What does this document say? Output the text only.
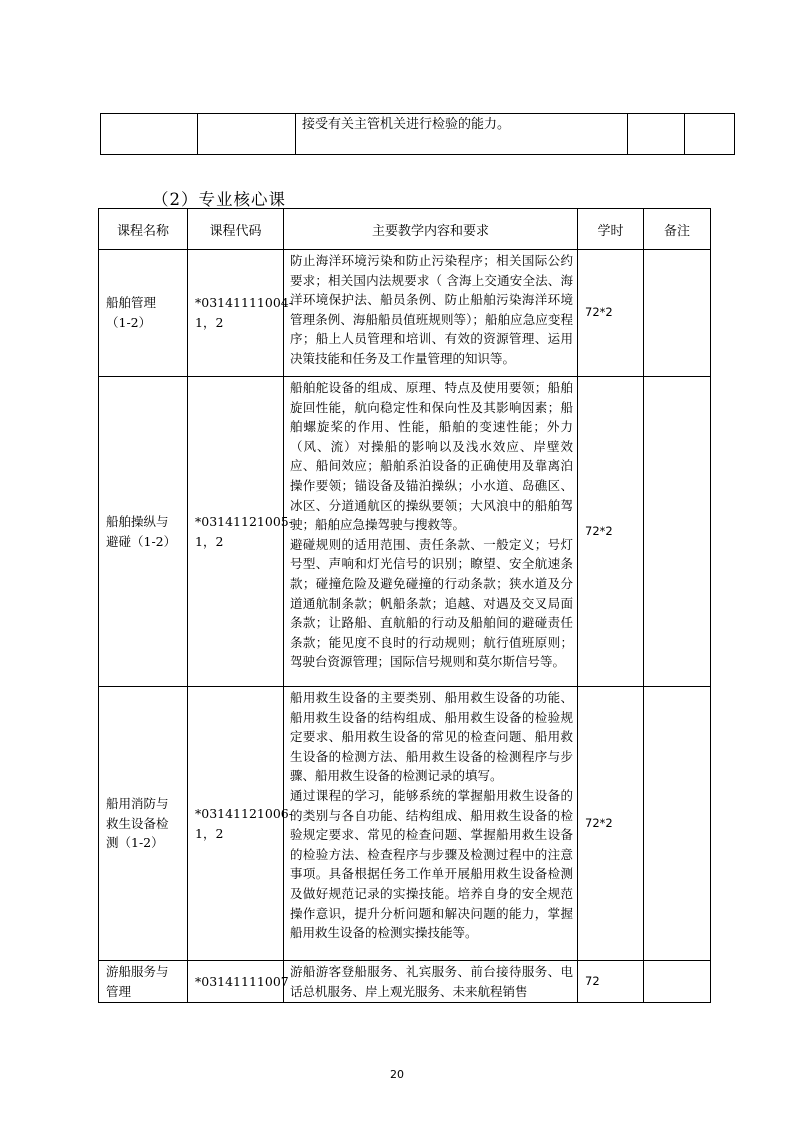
		接受有关主管机关进行检验的能力。		
（2）专业核心课
课程名称	课程代码	主要教学内容和要求	学时	备注
船舶管理（1-2）	*03141111004-1，2	防止海洋环境污染和防止污染程序；相关国际公约要求；相关国内法规要求（ 含海上交通安全法、海洋环境保护法、船员条例、防止船舶污染海洋环境管理条例、海船船员值班规则等）；船舶应急应变程序；船上人员管理和培训、有效的资源管理、运用决策技能和任务及工作量管理的知识等。	72*2	
船舶操纵与避碰（1-2）	*03141121005-1，2	船舶舵设备的组成、原理、特点及使用要领；船舶旋回性能，航向稳定性和保向性及其影响因素；船舶螺旋桨的作用、性能，船舶的变速性能；外力（风、流）对操船的影响以及浅水效应、岸壁效应、船间效应；船舶系泊设备的正确使用及靠离泊操作要领；锚设备及锚泊操纵；小水道、岛礁区、冰区、分道通航区的操纵要领；大风浪中的船舶驾驶；船舶应急操驾驶与搜救等。

避碰规则的适用范围、责任条款、一般定义；号灯号型、声响和灯光信号的识别；瞭望、安全航速条款；碰撞危险及避免碰撞的行动条款；狭水道及分道通航制条款；帆船条款；追越、对遇及交叉局面条款；让路船、直航船的行动及船舶间的避碰责任条款；能见度不良时的行动规则；航行值班原则；驾驶台资源管理；国际信号规则和莫尔斯信号等。	72*2	
船用消防与救生设备检测（1-2）	*03141121006-1，2	船用救生设备的主要类别、船用救生设备的功能、船用救生设备的结构组成、船用救生设备的检验规定要求、船用救生设备的常见的检查问题、船用救生设备的检测方法、船用救生设备的检测程序与步骤、船用救生设备的检测记录的填写。

通过课程的学习，能够系统的掌握船用救生设备的的类别与各自功能、结构组成、船用救生设备的检验规定要求、常见的检查问题、掌握船用救生设备的检验方法、检查程序与步骤及检测过程中的注意事项。具备根据任务工作单开展船用救生设备检测及做好规范记录的实操技能。培养自身的安全规范操作意识，提升分析问题和解决问题的能力，掌握船用救生设备的检测实操技能等。	72*2	
游船服务与管理	*03141111007	游船游客登船服务、礼宾服务、前台接待服务、电话总机服务、岸上观光服务、未来航程销售	72	
20
